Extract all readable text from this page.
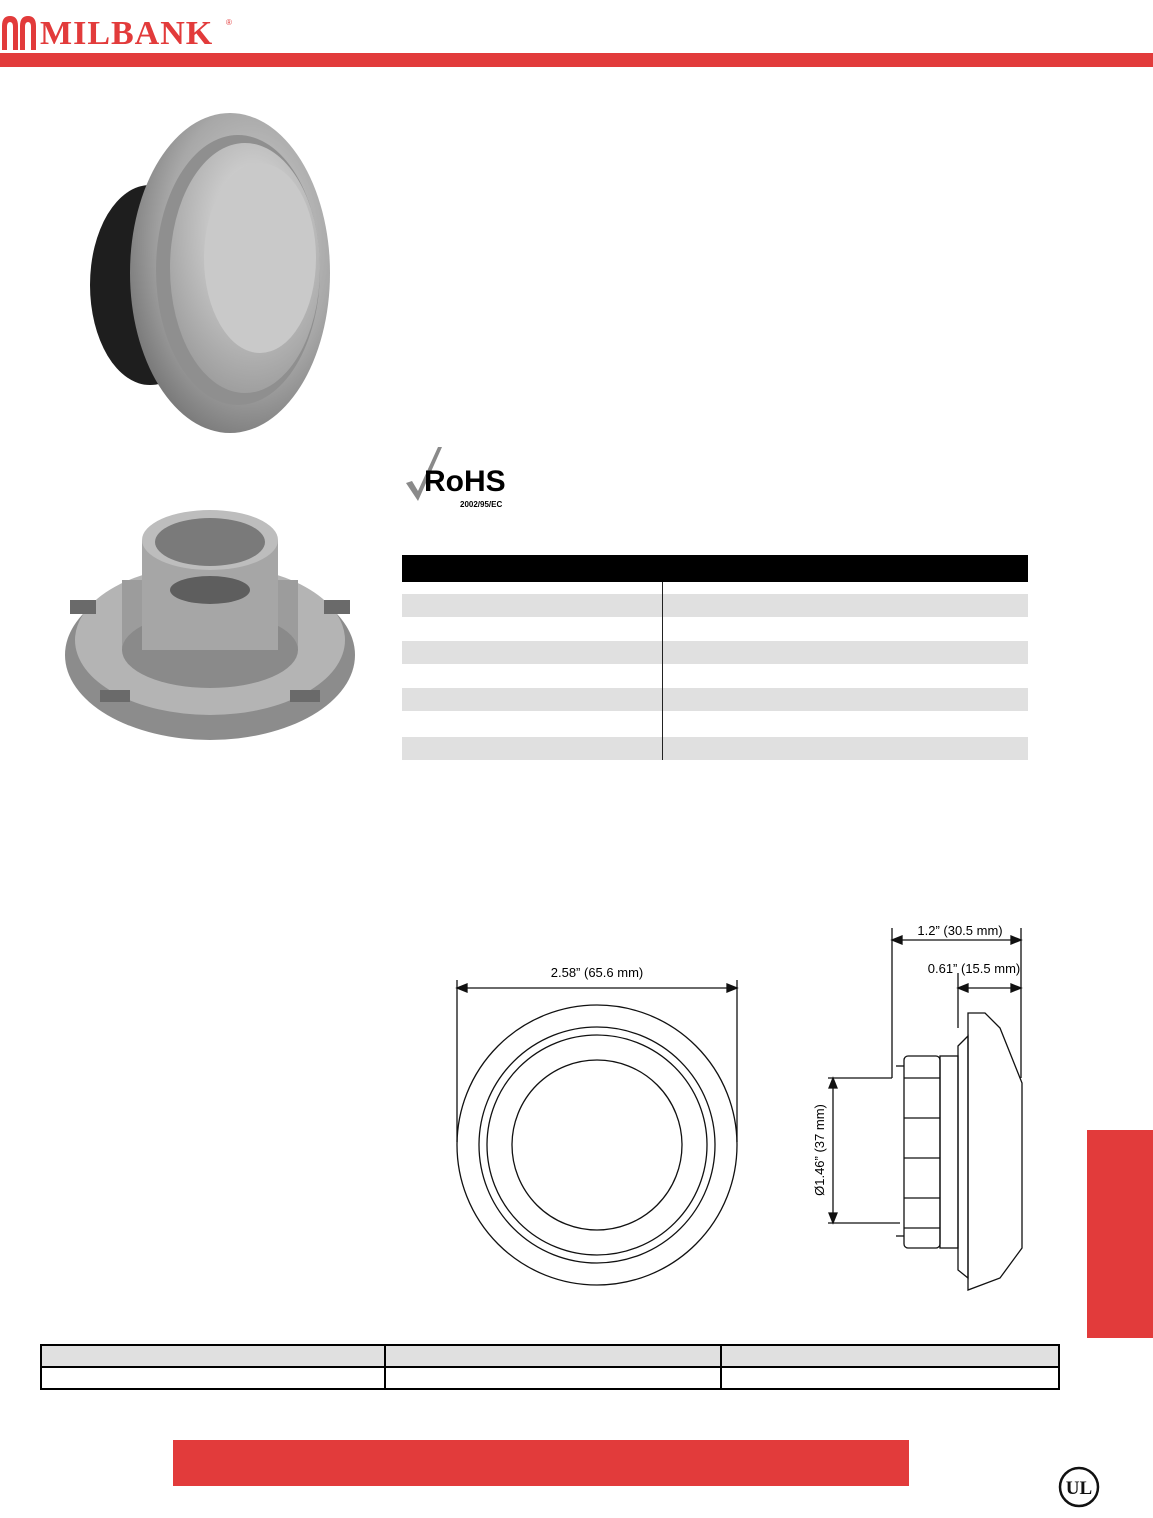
MILBANK ®
RoHS
2002/95/EC
2.58” (65.6 mm)
1.2” (30.5 mm)
0.61” (15.5 mm)
Ø1.46” (37 mm)

UL
